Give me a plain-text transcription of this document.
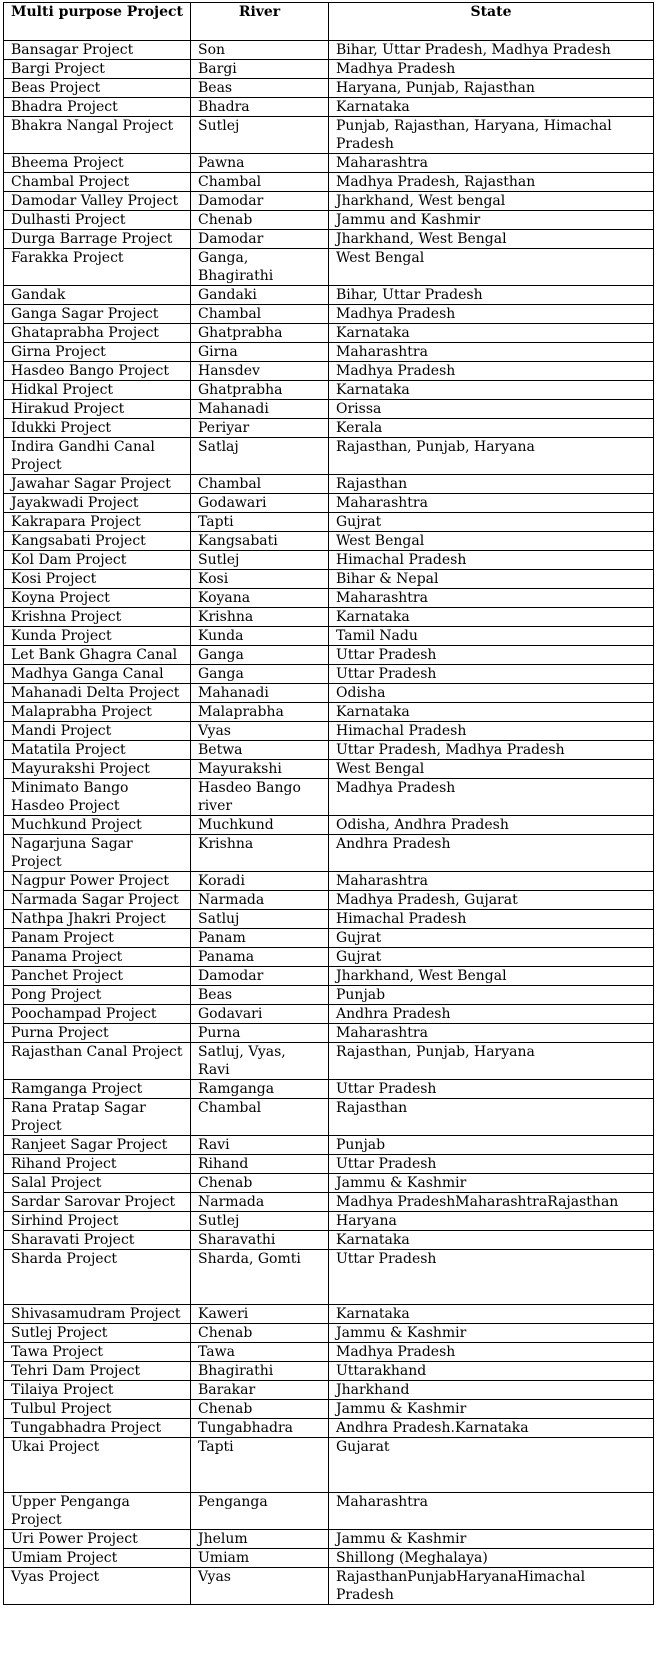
Multi purpose Project	River	State
Bansagar Project	Son	Bihar, Uttar Pradesh, Madhya Pradesh
Bargi Project	Bargi	Madhya Pradesh
Beas Project	Beas	Haryana, Punjab, Rajasthan
Bhadra Project	Bhadra	Karnataka
Bhakra Nangal Project	Sutlej	Punjab, Rajasthan, Haryana, Himachal Pradesh
Bheema Project	Pawna	Maharashtra
Chambal Project	Chambal	Madhya Pradesh, Rajasthan
Damodar Valley Project	Damodar	Jharkhand, West bengal
Dulhasti Project	Chenab	Jammu and Kashmir
Durga Barrage Project	Damodar	Jharkhand, West Bengal
Farakka Project	Ganga, Bhagirathi	West Bengal
Gandak	Gandaki	Bihar, Uttar Pradesh
Ganga Sagar Project	Chambal	Madhya Pradesh
Ghataprabha Project	Ghatprabha	Karnataka
Girna Project	Girna	Maharashtra
Hasdeo Bango Project	Hansdev	Madhya Pradesh
Hidkal Project	Ghatprabha	Karnataka
Hirakud Project	Mahanadi	Orissa
Idukki Project	Periyar	Kerala
Indira Gandhi Canal Project	Satlaj	Rajasthan, Punjab, Haryana
Jawahar Sagar Project	Chambal	Rajasthan
Jayakwadi Project	Godawari	Maharashtra
Kakrapara Project	Tapti	Gujrat
Kangsabati Project	Kangsabati	West Bengal
Kol Dam Project	Sutlej	Himachal Pradesh
Kosi Project	Kosi	Bihar & Nepal
Koyna Project	Koyana	Maharashtra
Krishna Project	Krishna	Karnataka
Kunda Project	Kunda	Tamil Nadu
Let Bank Ghagra Canal	Ganga	Uttar Pradesh
Madhya Ganga Canal	Ganga	Uttar Pradesh
Mahanadi Delta Project	Mahanadi	Odisha
Malaprabha Project	Malaprabha	Karnataka
Mandi Project	Vyas	Himachal Pradesh
Matatila Project	Betwa	Uttar Pradesh, Madhya Pradesh
Mayurakshi Project	Mayurakshi	West Bengal
Minimato Bango Hasdeo Project	Hasdeo Bango river	Madhya Pradesh
Muchkund Project	Muchkund	Odisha, Andhra Pradesh
Nagarjuna Sagar Project	Krishna	Andhra Pradesh
Nagpur Power Project	Koradi	Maharashtra
Narmada Sagar Project	Narmada	Madhya Pradesh, Gujarat
Nathpa Jhakri Project	Satluj	Himachal Pradesh
Panam Project	Panam	Gujrat
Panama Project	Panama	Gujrat
Panchet Project	Damodar	Jharkhand, West Bengal
Pong Project	Beas	Punjab
Poochampad Project	Godavari	Andhra Pradesh
Purna Project	Purna	Maharashtra
Rajasthan Canal Project	Satluj, Vyas, Ravi	Rajasthan, Punjab, Haryana
Ramganga Project	Ramganga	Uttar Pradesh
Rana Pratap Sagar Project	Chambal	Rajasthan
Ranjeet Sagar Project	Ravi	Punjab
Rihand Project	Rihand	Uttar Pradesh
Salal Project	Chenab	Jammu & Kashmir
Sardar Sarovar Project	Narmada	Madhya PradeshMaharashtraRajasthan
Sirhind Project	Sutlej	Haryana
Sharavati Project	Sharavathi	Karnataka
Sharda Project	Sharda, Gomti	Uttar Pradesh
Shivasamudram Project	Kaweri	Karnataka
Sutlej Project	Chenab	Jammu & Kashmir
Tawa Project	Tawa	Madhya Pradesh
Tehri Dam Project	Bhagirathi	Uttarakhand
Tilaiya Project	Barakar	Jharkhand
Tulbul Project	Chenab	Jammu & Kashmir
Tungabhadra Project	Tungabhadra	Andhra Pradesh.Karnataka
Ukai Project	Tapti	Gujarat
Upper Penganga Project	Penganga	Maharashtra
Uri Power Project	Jhelum	Jammu & Kashmir
Umiam Project	Umiam	Shillong (Meghalaya)
Vyas Project	Vyas	RajasthanPunjabHaryanaHimachal Pradesh
